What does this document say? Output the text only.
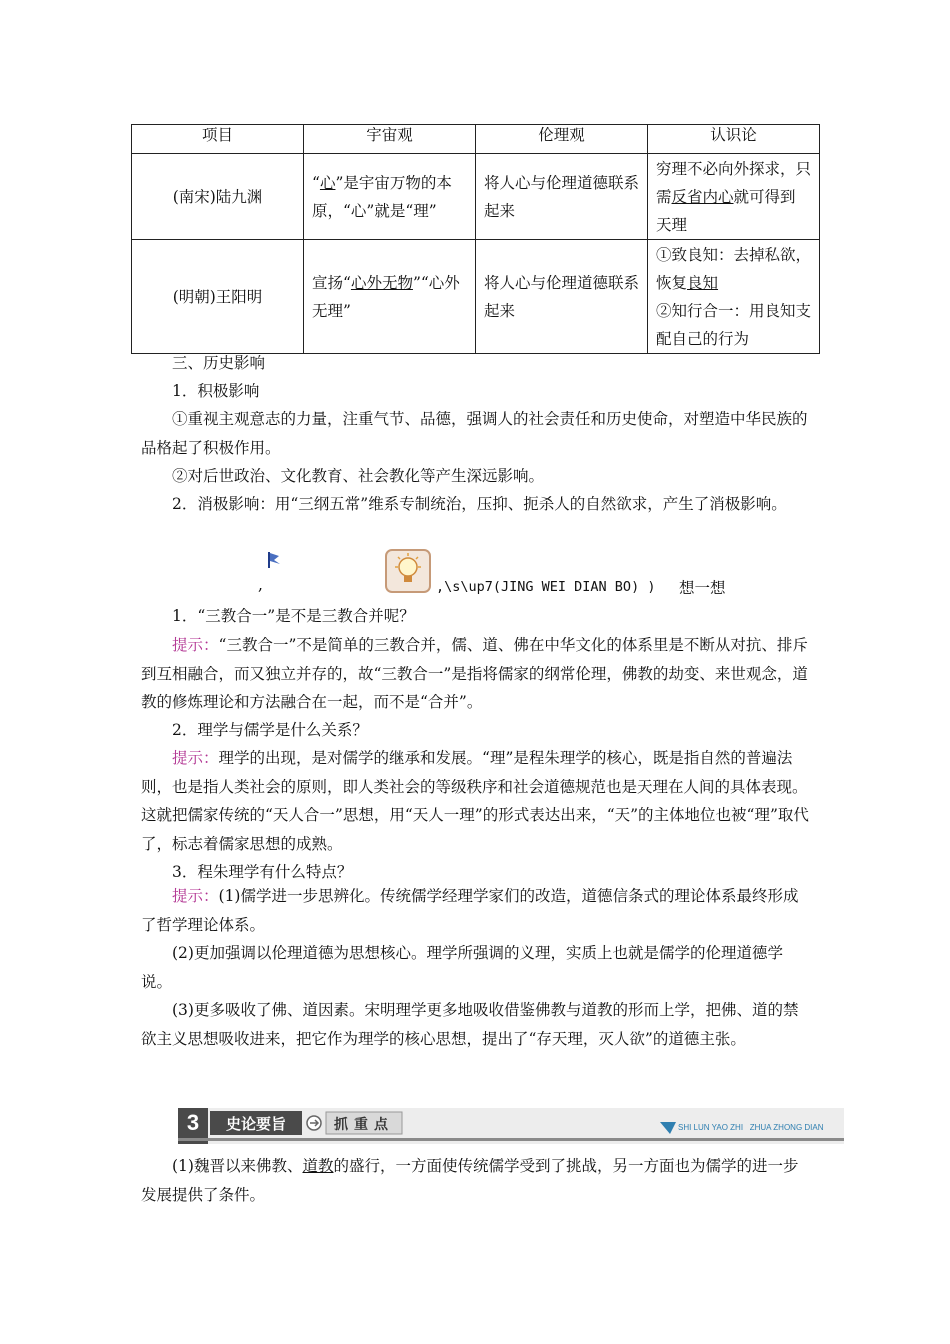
项目	宇宙观	伦理观	认识论
(南宋)陆九渊	“心”是宇宙万物的本原，“心”就是“理”	将人心与伦理道德联系起来	穷理不必向外探求，只需反省内心就可得到天理
(明朝)王阳明	宣扬“心外无物”“心外无理”	将人心与伦理道德联系起来	①致良知：去掉私欲，恢复良知
②知行合一：用良知支配自己的行为
三、历史影响
1．积极影响
①重视主观意志的力量，注重气节、品德，强调人的社会责任和历史使命，对塑造中华民族的品格起了积极作用。
②对后世政治、文化教育、社会教化等产生深远影响。
2．消极影响：用“三纲五常”维系专制统治，压抑、扼杀人的自然欲求，产生了消极影响。
,	,\s\up7(JING WEI DIAN BO) ) 想一想
1．“三教合一”是不是三教合并呢？
提示：“三教合一”不是简单的三教合并，儒、道、佛在中华文化的体系里是不断从对抗、排斥到互相融合，而又独立并存的，故“三教合一”是指将儒家的纲常伦理，佛教的劫变、来世观念，道教的修炼理论和方法融合在一起，而不是“合并”。
2．理学与儒学是什么关系？
提示：理学的出现，是对儒学的继承和发展。“理”是程朱理学的核心，既是指自然的普遍法则，也是指人类社会的原则，即人类社会的等级秩序和社会道德规范也是天理在人间的具体表现。这就把儒家传统的“天人合一”思想，用“天人一理”的形式表达出来，“天”的主体地位也被“理”取代了，标志着儒家思想的成熟。
3．程朱理学有什么特点？
提示：(1)儒学进一步思辨化。传统儒学经理学家们的改造，道德信条式的理论体系最终形成了哲学理论体系。
(2)更加强调以伦理道德为思想核心。理学所强调的义理，实质上也就是儒学的伦理道德学说。
(3)更多吸收了佛、道因素。宋明理学更多地吸收借鉴佛教与道教的形而上学，把佛、道的禁欲主义思想吸收进来，把它作为理学的核心思想，提出了“存天理，灭人欲”的道德主张。
3	史论要旨	抓重点	SHI LUN YAO ZHI   ZHUA ZHONG DIAN
(1)魏晋以来佛教、道教的盛行，一方面使传统儒学受到了挑战，另一方面也为儒学的进一步发展提供了条件。
